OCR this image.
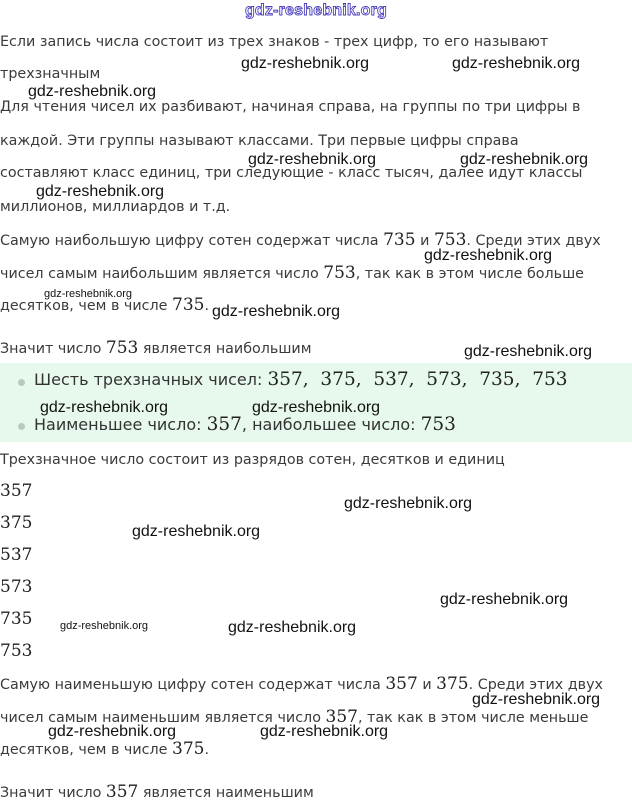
gdz-reshebnik.org
Если запись числа состоит из трех знаков - трех цифр, то его называют
трехзначным
Для чтения чисел их разбивают, начиная справа, на группы по три цифры в
каждой. Эти группы называют классами. Три первые цифры справа
составляют класс единиц, три следующие - класс тысяч, далее идут классы
миллионов, миллиардов и т.д.
Самую наибольшую цифру сотен содержат числа 735 и 753. Среди этих двух
чисел самым наибольшим является число 753, так как в этом числе больше
десятков, чем в числе 735.
Значит число 753 является наибольшим
Шесть трехзначных чисел: 357,  375,  537,  573,  735,  753
Наименьшее число: 357, наибольшее число: 753
Трехзначное число состоит из разрядов сотен, десятков и единиц
357
375
537
573
735
753
Самую наименьшую цифру сотен содержат числа 357 и 375. Среди этих двух
чисел самым наименьшим является число 357, так как в этом числе меньше
десятков, чем в числе 375.
Значит число 357 является наименьшим
gdz-reshebnik.org	gdz-reshebnik.org
gdz-reshebnik.org
gdz-reshebnik.org	gdz-reshebnik.org
gdz-reshebnik.org
gdz-reshebnik.org
gdz-reshebnik.org
gdz-reshebnik.org
gdz-reshebnik.org
gdz-reshebnik.org	gdz-reshebnik.org
gdz-reshebnik.org
gdz-reshebnik.org
gdz-reshebnik.org
gdz-reshebnik.org	gdz-reshebnik.org
gdz-reshebnik.org
gdz-reshebnik.org	gdz-reshebnik.org
